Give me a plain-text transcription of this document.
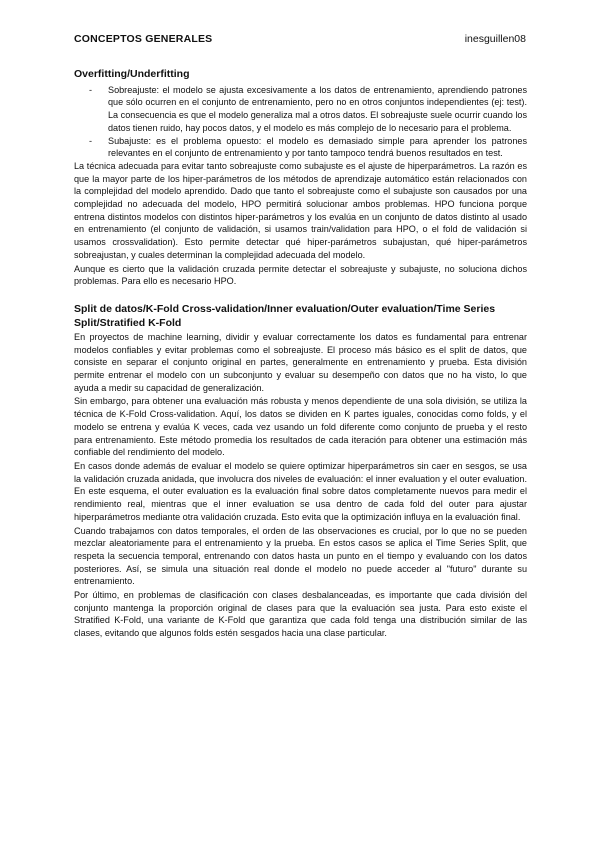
CONCEPTOS GENERALES	inesguillen08
Overfitting/Underfitting
- Sobreajuste: el modelo se ajusta excesivamente a los datos de entrenamiento, aprendiendo patrones que sólo ocurren en el conjunto de entrenamiento, pero no en otros conjuntos independientes (ej: test). La consecuencia es que el modelo generaliza mal a otros datos. El sobreajuste suele ocurrir cuando los datos tienen ruido, hay pocos datos, y el modelo es más complejo de lo necesario para el problema.
- Subajuste: es el problema opuesto: el modelo es demasiado simple para aprender los patrones relevantes en el conjunto de entrenamiento y por tanto tampoco tendrá buenos resultados en test.

La técnica adecuada para evitar tanto sobreajuste como subajuste es el ajuste de hiperparámetros. La razón es que la mayor parte de los hiper-parámetros de los métodos de aprendizaje automático están relacionados con la complejidad del modelo aprendido. Dado que tanto el sobreajuste como el subajuste son causados por una complejidad no adecuada del modelo, HPO permitirá solucionar ambos problemas. HPO funciona porque entrena distintos modelos con distintos hiper-parámetros y los evalúa en un conjunto de datos distinto al usado en entrenamiento (el conjunto de validación, si usamos train/validation para HPO, o el fold de validación si usamos crossvalidation). Esto permite detectar qué hiper-parámetros subajustan, qué hiper-parámetros sobreajustan, y cuales determinan la complejidad adecuada del modelo.

Aunque es cierto que la validación cruzada permite detectar el sobreajuste y subajuste, no soluciona dichos problemas. Para ello es necesario HPO.

Split de datos/K-Fold Cross-validation/Inner evaluation/Outer evaluation/Time Series Split/Stratified K-Fold

En proyectos de machine learning, dividir y evaluar correctamente los datos es fundamental para entrenar modelos confiables y evitar problemas como el sobreajuste. El proceso más básico es el split de datos, que consiste en separar el conjunto original en partes, generalmente en entrenamiento y prueba. Esta división permite entrenar el modelo con un subconjunto y evaluar su desempeño con datos que no ha visto, lo que ayuda a medir su capacidad de generalización.

Sin embargo, para obtener una evaluación más robusta y menos dependiente de una sola división, se utiliza la técnica de K-Fold Cross-validation. Aquí, los datos se dividen en K partes iguales, conocidas como folds, y el modelo se entrena y evalúa K veces, cada vez usando un fold diferente como conjunto de prueba y el resto para entrenamiento. Este método promedia los resultados de cada iteración para obtener una estimación más confiable del rendimiento del modelo.

En casos donde además de evaluar el modelo se quiere optimizar hiperparámetros sin caer en sesgos, se usa la validación cruzada anidada, que involucra dos niveles de evaluación: el inner evaluation y el outer evaluation. En este esquema, el outer evaluation es la evaluación final sobre datos completamente nuevos para medir el rendimiento real, mientras que el inner evaluation se usa dentro de cada fold del outer para ajustar hiperparámetros mediante otra validación cruzada. Esto evita que la optimización influya en la evaluación final.

Cuando trabajamos con datos temporales, el orden de las observaciones es crucial, por lo que no se pueden mezclar aleatoriamente para el entrenamiento y la prueba. En estos casos se aplica el Time Series Split, que respeta la secuencia temporal, entrenando con datos hasta un punto en el tiempo y evaluando con los datos posteriores. Así, se simula una situación real donde el modelo no puede acceder al "futuro" durante su entrenamiento.

Por último, en problemas de clasificación con clases desbalanceadas, es importante que cada división del conjunto mantenga la proporción original de clases para que la evaluación sea justa. Para esto existe el Stratified K-Fold, una variante de K-Fold que garantiza que cada fold tenga una distribución similar de las clases, evitando que algunos folds estén sesgados hacia una clase particular.
